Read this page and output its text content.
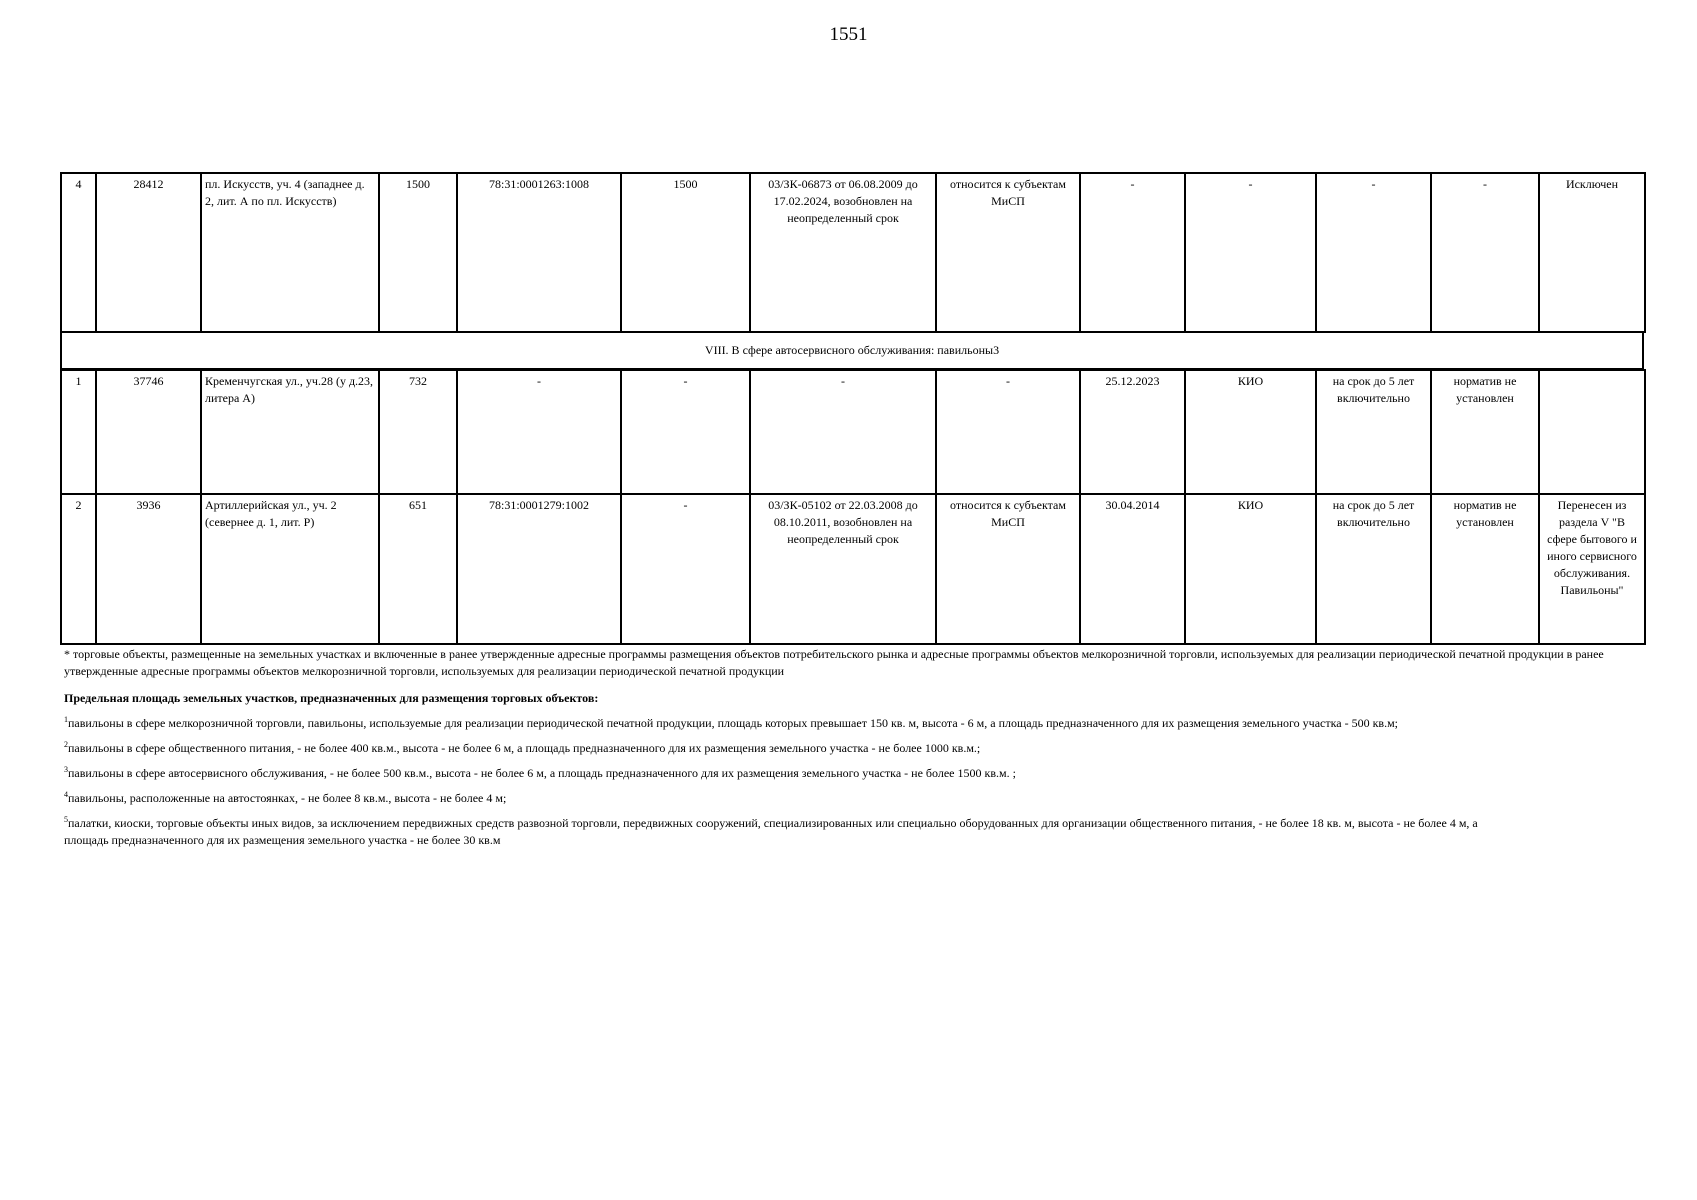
1551
4	28412	пл. Искусств, уч. 4 (западнее д. 2, лит. А по пл. Искусств)	1500	78:31:0001263:1008	1500	03/ЗК-06873 от 06.08.2009 до 17.02.2024, возобновлен на неопределенный срок	относится к субъектам МиСП	-	-	-	-	Исключен
VIII. В сфере автосервисного обслуживания: павильоны3
1	37746	Кременчугская ул., уч.28 (у д.23, литера А)	732	-	-	-	-	25.12.2023	КИО	на срок до 5 лет включительно	норматив не установлен	
2	3936	Артиллерийская ул., уч. 2 (севернее д. 1, лит. Р)	651	78:31:0001279:1002	-	03/ЗК-05102 от 22.03.2008 до 08.10.2011, возобновлен на неопределенный срок	относится к субъектам МиСП	30.04.2014	КИО	на срок до 5 лет включительно	норматив не установлен	Перенесен из раздела V "В сфере бытового и иного сервисного обслуживания. Павильоны"

* торговые объекты, размещенные на земельных участках и включенные в ранее утвержденные адресные программы размещения объектов потребительского рынка и адресные программы объектов мелкорозничной торговли, используемых для реализации периодической печатной продукции в ранее утвержденные адресные программы объектов мелкорозничной торговли, используемых для реализации периодической печатной продукции

Предельная площадь земельных участков, предназначенных для размещения торговых объектов:

$^1$павильоны в сфере мелкорозничной торговли, павильоны, используемые для реализации периодической печатной продукции, площадь которых превышает 150 кв. м, высота - 6 м, а площадь предназначенного для их размещения земельного участка - 500 кв.м;

$^2$павильоны в сфере общественного питания, - не более 400 кв.м., высота - не более 6 м, а площадь предназначенного для их размещения земельного участка - не более 1000 кв.м.;

$^3$павильоны в сфере автосервисного обслуживания, - не более 500 кв.м., высота - не более 6 м, а площадь предназначенного для их размещения земельного участка - не более 1500 кв.м. ;

$^4$павильоны, расположенные на автостоянках, - не более 8 кв.м., высота - не более 4 м;

$^5$палатки, киоски, торговые объекты иных видов, за исключением передвижных средств развозной торговли, передвижных сооружений, специализированных или специально оборудованных для организации общественного питания, - не более 18 кв. м, высота - не более 4 м, а площадь предназначенного для их размещения земельного участка - не более 30 кв.м
